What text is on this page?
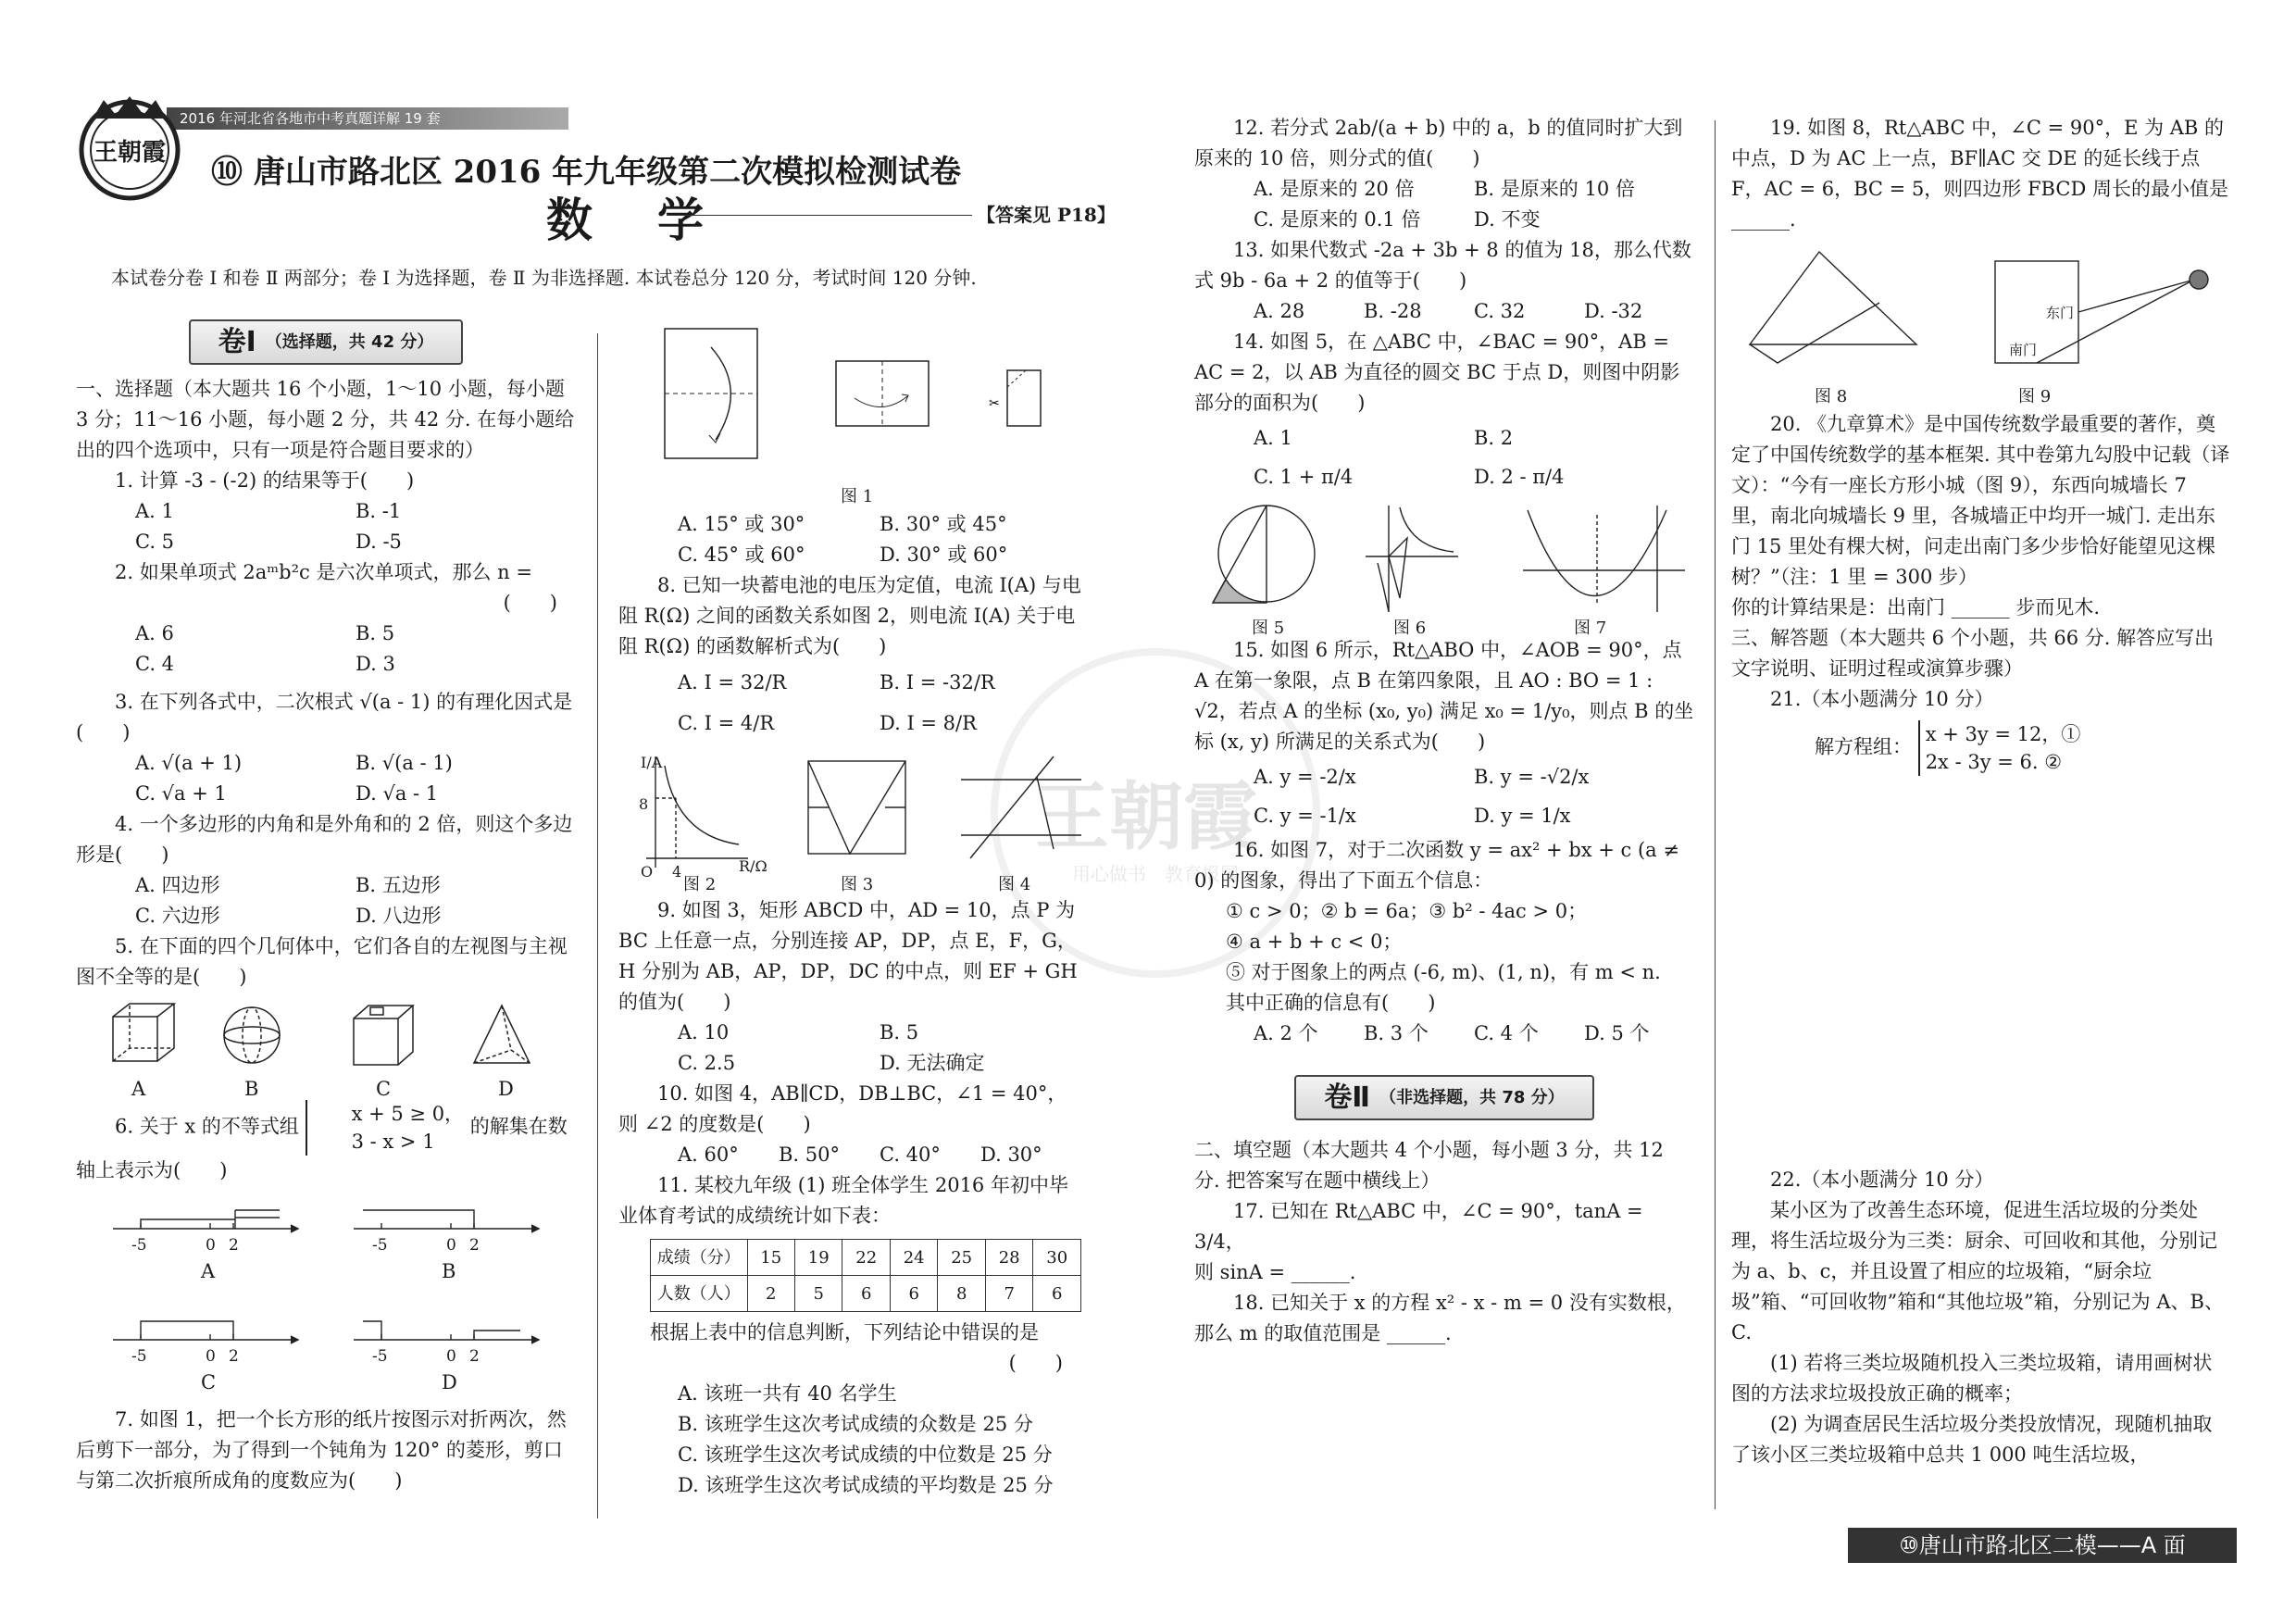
2016 年河北省各地市中考真题详解 19 套
王朝霞
⑩ 唐山市路北区 2016 年九年级第二次模拟检测试卷
数　学	【答案见 P18】
本试卷分卷 Ⅰ 和卷 Ⅱ 两部分；卷 Ⅰ 为选择题，卷 Ⅱ 为非选择题. 本试卷总分 120 分，考试时间 120 分钟.
王朝霞
用心做书　教育报国
卷Ⅰ （选择题，共 42 分）

一、选择题（本大题共 16 个小题，1～10 小题，每小题 3 分；11～16 小题，每小题 2 分，共 42 分. 在每小题给出的四个选项中，只有一项是符合题目要求的）

1. 计算 -3 - (-2) 的结果等于(　　)

A. 1	B. -1
C. 5	D. -5

2. 如果单项式 2aᵐb²c 是六次单项式，那么 n =

(　　)

A. 6	B. 5
C. 4	D. 3

3. 在下列各式中，二次根式 √(a - 1) 的有理化因式是(　　)

A. √(a + 1)	B. √(a - 1)
C. √a + 1	D. √a - 1

4. 一个多边形的内角和是外角和的 2 倍，则这个多边形是(　　)

A. 四边形	B. 五边形
C. 六边形	D. 八边形

5. 在下面的四个几何体中，它们各自的左视图与主视图不全等的是(　　)

A	B	C	D

6. 关于 x 的不等式组
x + 5 ≥ 0，
3 - x > 1
的解集在数轴上表示为(　　)

-5	0 2	-5	0 2
-5	0 2	-5	0 2
A	B
C	D

7. 如图 1，把一个长方形的纸片按图示对折两次，然后剪下一部分，为了得到一个钝角为 120° 的菱形，剪口与第二次折痕所成角的度数应为(　　)

✂
图 1
A. 15° 或 30°	B. 30° 或 45°
C. 45° 或 60°	D. 30° 或 60°

8. 已知一块蓄电池的电压为定值，电流 I(A) 与电阻 R(Ω) 之间的函数关系如图 2，则电流 I(A) 关于电阻 R(Ω) 的函数解析式为(　　)

A. I = 32/R	B. I = -32/R
C. I = 4/R	D. I = 8/R
I/A
8
O 4	R/Ω
图 2	图 3	图 4

9. 如图 3，矩形 ABCD 中，AD = 10，点 P 为 BC 上任意一点，分别连接 AP，DP，点 E，F，G，H 分别为 AB，AP，DP，DC 的中点，则 EF + GH 的值为(　　)

A. 10	B. 5
C. 2.5	D. 无法确定

10. 如图 4，AB∥CD，DB⊥BC，∠1 = 40°，则 ∠2 的度数是(　　)

A. 60°	B. 50°	C. 40°	D. 30°

11. 某校九年级 (1) 班全体学生 2016 年初中毕业体育考试的成绩统计如下表：

成绩（分）	15	19	22	24	25	28	30
人数（人）	2	5	6	6	8	7	6

根据上表中的信息判断，下列结论中错误的是

(　　)

A. 该班一共有 40 名学生

B. 该班学生这次考试成绩的众数是 25 分

C. 该班学生这次考试成绩的中位数是 25 分

D. 该班学生这次考试成绩的平均数是 25 分

12. 若分式 2ab/(a + b) 中的 a，b 的值同时扩大到原来的 10 倍，则分式的值(　　)

A. 是原来的 20 倍	B. 是原来的 10 倍
C. 是原来的 0.1 倍	D. 不变

13. 如果代数式 -2a + 3b + 8 的值为 18，那么代数式 9b - 6a + 2 的值等于(　　)

A. 28	B. -28	C. 32	D. -32

14. 如图 5，在 △ABC 中，∠BAC = 90°，AB = AC = 2，以 AB 为直径的圆交 BC 于点 D，则图中阴影部分的面积为(　　)

A. 1	B. 2
C. 1 + π/4	D. 2 - π/4
图 5	图 6	图 7

15. 如图 6 所示，Rt△ABO 中，∠AOB = 90°，点 A 在第一象限，点 B 在第四象限，且 AO : BO = 1 : √2，若点 A 的坐标 (x₀, y₀) 满足 x₀ = 1/y₀，则点 B 的坐标 (x, y) 所满足的关系式为(　　)

A. y = -2/x	B. y = -√2/x
C. y = -1/x	D. y = 1/x

16. 如图 7，对于二次函数 y = ax² + bx + c (a ≠ 0) 的图象，得出了下面五个信息：

① c > 0；② b = 6a；③ b² - 4ac > 0；

④ a + b + c < 0；

⑤ 对于图象上的两点 (-6, m)、(1, n)，有 m < n.

其中正确的信息有(　　)

A. 2 个	B. 3 个	C. 4 个	D. 5 个
卷Ⅱ （非选择题，共 78 分）

二、填空题（本大题共 4 个小题，每小题 3 分，共 12 分. 把答案写在题中横线上）

17. 已知在 Rt△ABC 中，∠C = 90°，tanA = 3/4，

则 sinA = ______.

18. 已知关于 x 的方程 x² - x - m = 0 没有实数根，那么 m 的取值范围是 ______.

19. 如图 8，Rt△ABC 中，∠C = 90°，E 为 AB 的中点，D 为 AC 上一点，BF∥AC 交 DE 的延长线于点 F，AC = 6，BC = 5，则四边形 FBCD 周长的最小值是 ______.

东门
南门
图 8	图 9

20. 《九章算术》是中国传统数学最重要的著作，奠定了中国传统数学的基本框架. 其中卷第九勾股中记载（译文）：“今有一座长方形小城（图 9），东西向城墙长 7 里，南北向城墙长 9 里，各城墙正中均开一城门. 走出东门 15 里处有棵大树，问走出南门多少步恰好能望见这棵树？”（注：1 里 = 300 步）

你的计算结果是：出南门 ______ 步而见木.

三、解答题（本大题共 6 个小题，共 66 分. 解答应写出文字说明、证明过程或演算步骤）

21.（本小题满分 10 分）

解方程组：
x + 3y = 12，①
2x - 3y = 6. ②

22.（本小题满分 10 分）

某小区为了改善生态环境，促进生活垃圾的分类处理，将生活垃圾分为三类：厨余、可回收和其他，分别记为 a、b、c，并且设置了相应的垃圾箱，“厨余垃圾”箱、“可回收物”箱和“其他垃圾”箱，分别记为 A、B、C.

(1) 若将三类垃圾随机投入三类垃圾箱，请用画树状图的方法求垃圾投放正确的概率；

(2) 为调查居民生活垃圾分类投放情况，现随机抽取了该小区三类垃圾箱中总共 1 000 吨生活垃圾，

⑩唐山市路北区二模——A 面
